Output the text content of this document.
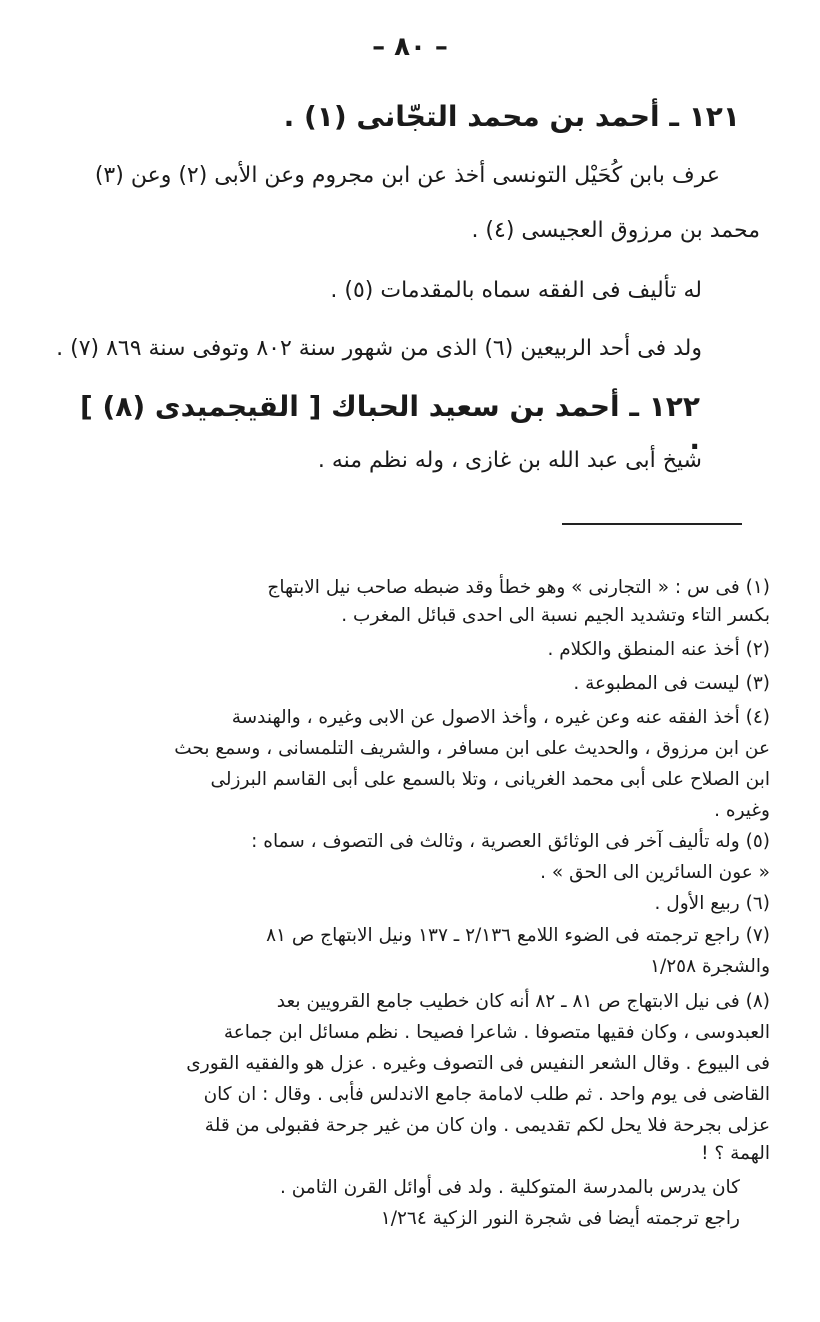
– ٨٠ –
١٢١ ـ أحمد بن محمد التجّانى (١) .
عرف بابن كُحَيْل التونسى أخذ عن ابن مجروم وعن الأبى (٢) وعن (٣)
محمد بن مرزوق العجيسى (٤) .
له تأليف فى الفقه سماه بالمقدمات (٥) .
ولد فى أحد الربيعين (٦) الذى من شهور سنة ٨٠٢ وتوفى سنة ٨٦٩ (٧) .
١٢٢ ـ أحمد بن سعيد الحباك [ القيجميدى (٨) ] .
شيخ أبى عبد الله بن غازى ، وله نظم منه .
(١) فى س : « التجارنى » وهو خطأ وقد ضبطه صاحب نيل الابتهاج
بكسر التاء وتشديد الجيم نسبة الى احدى قبائل المغرب .
(٢) أخذ عنه المنطق والكلام .
(٣) ليست فى المطبوعة .
(٤) أخذ الفقه عنه وعن غيره ، وأخذ الاصول عن الابى وغيره ، والهندسة
عن ابن مرزوق ، والحديث على ابن مسافر ، والشريف التلمسانى ، وسمع بحث
ابن الصلاح على أبى محمد الغريانى ، وتلا بالسمع على أبى القاسم البرزلى
وغيره .
(٥) وله تأليف آخر فى الوثائق العصرية ، وثالث فى التصوف ، سماه :
« عون السائرين الى الحق » .
(٦) ربيع الأول .
(٧) راجع ترجمته فى الضوء اللامع ٢/١٣٦ ـ ١٣٧ ونيل الابتهاج ص ٨١
والشجرة ١/٢٥٨
(٨) فى نيل الابتهاج ص ٨١ ـ ٨٢ أنه كان خطيب جامع القرويين بعد
العبدوسى ، وكان فقيها متصوفا . شاعرا فصيحا . نظم مسائل ابن جماعة
فى البيوع . وقال الشعر النفيس فى التصوف وغيره . عزل هو والفقيه القورى
القاضى فى يوم واحد . ثم طلب لامامة جامع الاندلس فأبى . وقال : ان كان
عزلى بجرحة فلا يحل لكم تقديمى . وان كان من غير جرحة فقبولى من قلة
الهمة ؟ !
كان يدرس بالمدرسة المتوكلية . ولد فى أوائل القرن الثامن .
راجع ترجمته أيضا فى شجرة النور الزكية ١/٢٦٤
